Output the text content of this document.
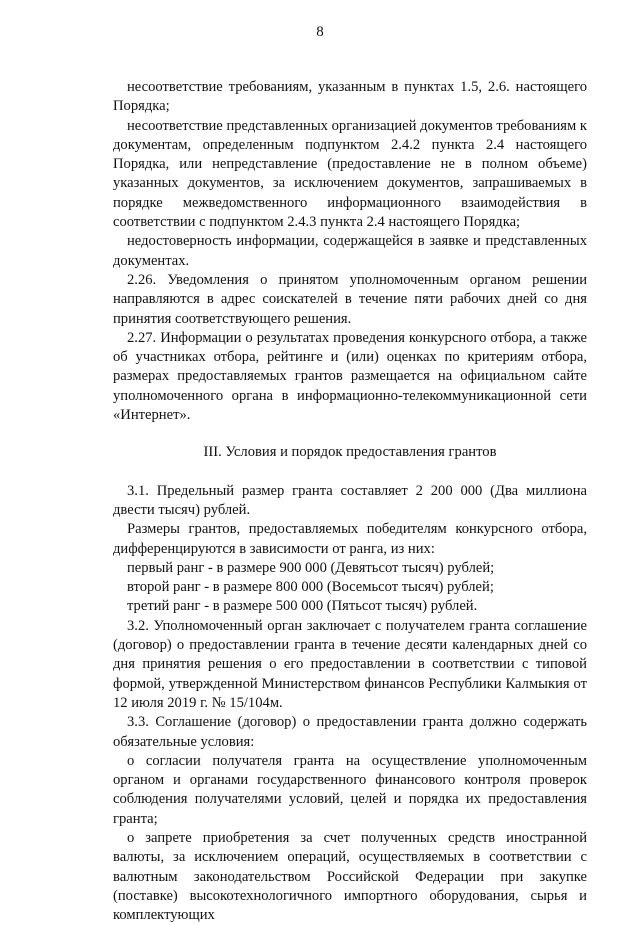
8

несоответствие требованиям, указанным в пунктах 1.5, 2.6. настоящего Порядка;

несоответствие представленных организацией документов требованиям к документам, определенным подпунктом 2.4.2 пункта 2.4 настоящего Порядка, или непредставление (предоставление не в полном объеме) указанных документов, за исключением документов, запрашиваемых в порядке межведомственного информационного взаимодействия в соответствии с подпунктом 2.4.3 пункта 2.4 настоящего Порядка;

недостоверность информации, содержащейся в заявке и представленных документах.

2.26. Уведомления о принятом уполномоченным органом решении направляются в адрес соискателей в течение пяти рабочих дней со дня принятия соответствующего решения.

2.27. Информации о результатах проведения конкурсного отбора, а также об участниках отбора, рейтинге и (или) оценках по критериям отбора, размерах предоставляемых грантов размещается на официальном сайте уполномоченного органа в информационно-телекоммуникационной сети «Интернет».

III. Условия и порядок предоставления грантов

3.1. Предельный размер гранта составляет 2 200 000 (Два миллиона двести тысяч) рублей.

Размеры грантов, предоставляемых победителям конкурсного отбора, дифференцируются в зависимости от ранга, из них:

первый ранг - в размере 900 000 (Девятьсот тысяч) рублей;

второй ранг - в размере 800 000 (Восемьсот тысяч) рублей;

третий ранг - в размере 500 000 (Пятьсот тысяч) рублей.

3.2. Уполномоченный орган заключает с получателем гранта соглашение (договор) о предоставлении гранта в течение десяти календарных дней со дня принятия решения о его предоставлении в соответствии с типовой формой, утвержденной Министерством финансов Республики Калмыкия от 12 июля 2019 г. № 15/104м.

3.3. Соглашение (договор) о предоставлении гранта должно содержать обязательные условия:

о согласии получателя гранта на осуществление уполномоченным органом и органами государственного финансового контроля проверок соблюдения получателями условий, целей и порядка их предоставления гранта;

о запрете приобретения за счет полученных средств иностранной валюты, за исключением операций, осуществляемых в соответствии с валютным законодательством Российской Федерации при закупке (поставке) высокотехнологичного импортного оборудования, сырья и комплектующих
